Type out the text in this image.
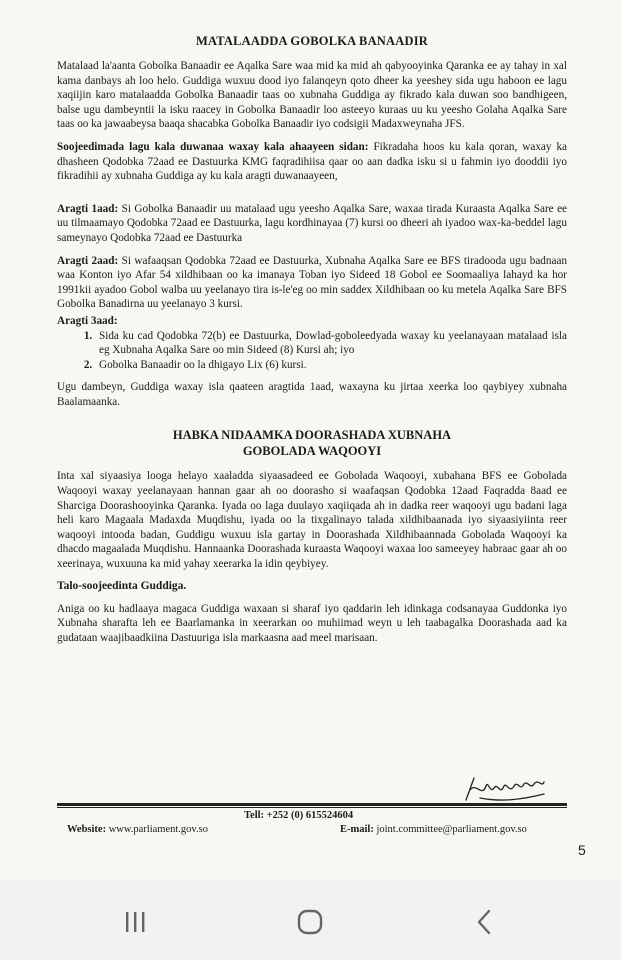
MATALAADDA GOBOLKA BANAADIR

Matalaad la'aanta Gobolka Banaadir ee Aqalka Sare waa mid ka mid ah qabyooyinka Qaranka ee ay tahay in xal kama danbays ah loo helo. Guddiga wuxuu dood iyo falanqeyn qoto dheer ka yeeshey sida ugu haboon ee lagu xaqiijin karo matalaadda Gobolka Banaadir taas oo xubnaha Guddiga ay fikrado kala duwan soo bandhigeen, balse ugu dambeyntii la isku raacey in Gobolka Banaadir loo asteeyo kuraas uu ku yeesho Golaha Aqalka Sare taas oo ka jawaabeysa baaqa shacabka Gobolka Banaadir iyo codsigii Madaxweynaha JFS.

Soojeedimada lagu kala duwanaa waxay kala ahaayeen sidan: Fikradaha hoos ku kala qoran, waxay ka dhasheen Qodobka 72aad ee Dastuurka KMG faqradihiisa qaar oo aan dadka isku si u fahmin iyo dooddii iyo fikradihii ay xubnaha Guddiga ay ku kala aragti duwanaayeen,

Aragti 1aad: Si Gobolka Banaadir uu matalaad ugu yeesho Aqalka Sare, waxaa tirada Kuraasta Aqalka Sare ee uu tilmaamayo Qodobka 72aad ee Dastuurka, lagu kordhinayaa (7) kursi oo dheeri ah iyadoo wax-ka-beddel lagu sameynayo Qodobka 72aad ee Dastuurka

Aragti 2aad: Si wafaaqsan Qodobka 72aad ee Dastuurka, Xubnaha Aqalka Sare ee BFS tiradooda ugu badnaan waa Konton iyo Afar 54 xildhibaan oo ka imanaya Toban iyo Sideed 18 Gobol ee Soomaaliya lahayd ka hor 1991kii ayadoo Gobol walba uu yeelanayo tira is-le'eg oo min saddex Xildhibaan oo ku metela Aqalka Sare BFS Gobolka Banadirna uu yeelanayo 3 kursi.

Aragti 3aad:

1. Sida ku cad Qodobka 72(b) ee Dastuurka, Dowlad-goboleedyada waxay ku yeelanayaan matalaad isla eg Xubnaha Aqalka Sare oo min Sideed (8) Kursi ah; iyo
2. Gobolka Banaadir oo la dhigayo Lix (6) kursi.

Ugu dambeyn, Guddiga waxay isla qaateen aragtida 1aad, waxayna ku jirtaa xeerka loo qaybiyey xubnaha Baalamaanka.

HABKA NIDAAMKA DOORASHADA XUBNAHA
GOBOLADA WAQOOYI

Inta xal siyaasiya looga helayo xaaladda siyaasadeed ee Gobolada Waqooyi, xubahana BFS ee Gobolada Waqooyi waxay yeelanayaan hannan gaar ah oo doorasho si waafaqsan Qodobka 12aad Faqradda 8aad ee Sharciga Doorashooyinka Qaranka. Iyada oo laga duulayo xaqiiqada ah in dadka reer waqooyi ugu badani laga heli karo Magaala Madaxda Muqdishu, iyada oo la tixgalinayo talada xildhibaanada iyo siyaasiyiinta reer waqooyi intooda badan, Guddigu wuxuu isla gartay in Doorashada Xildhibaannada Gobolada Waqooyi ka dhacdo magaalada Muqdishu. Hannaanka Doorashada kuraasta Waqooyi waxaa loo sameeyey habraac gaar ah oo xeerinaya, wuxuuna ka mid yahay xeerarka la idin qeybiyey.

Talo-soojeedinta Guddiga.

Aniga oo ku hadlaaya magaca Guddiga waxaan si sharaf iyo qaddarin leh idinkaga codsanayaa Guddonka iyo Xubnaha sharafta leh ee Baarlamanka in xeerarkan oo muhiimad weyn u leh taabagalka Doorashada aad ka gudataan waajibaadkiina Dastuuriga isla markaasna aad meel marisaan.

Tell: +252 (0) 615524604
Website: www.parliament.gov.so	E-mail: joint.committee@parliament.gov.so
5
